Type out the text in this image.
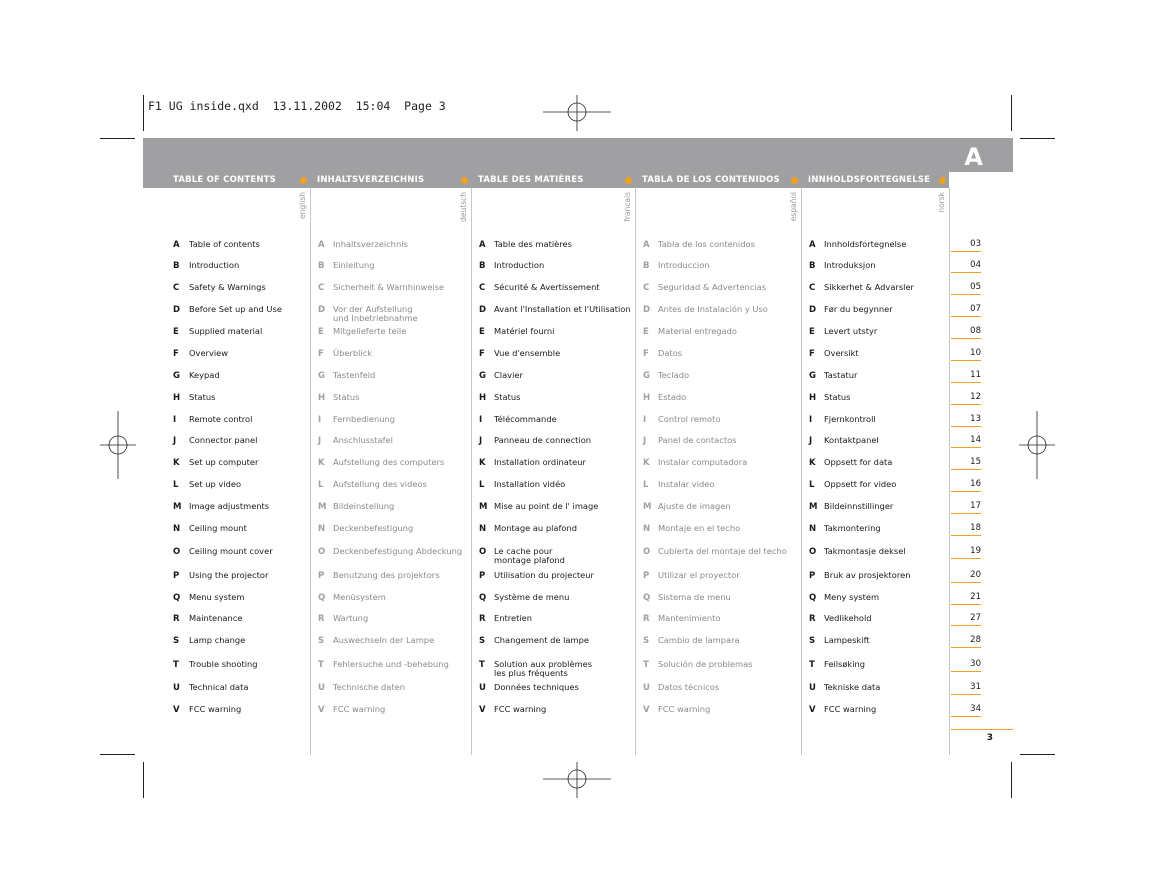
F1 UG inside.qxd  13.11.2002  15:04  Page 3
A
TABLE OF CONTENTS
english
A Table of contents
B Introduction
C Safety & Warnings
D Before Set up and Use
E Supplied material
F Overview
G Keypad
H Status
I Remote control
J Connector panel
K Set up computer
L Set up video
M Image adjustments
N Ceiling mount
O Ceiling mount cover
P Using the projector
Q Menu system
R Maintenance
S Lamp change
T Trouble shooting
U Technical data
V FCC warning
INHALTSVERZEICHNIS
deutsch
A Inhaltsverzeichnis
B Einleitung
C Sicherheit & Warnhinweise
D Vor der Aufstellung
und Inbetriebnahme
E Mitgelieferte teile
F Überblick
G Tastenfeld
H Status
I Fernbedienung
J Anschlusstafel
K Aufstellung des computers
L Aufstellung des videos
M Bildeinstellung
N Deckenbefestigung
O Deckenbefestigung Abdeckung
P Benutzung des projektors
Q Menüsystem
R Wartung
S Auswechseln der Lampe
T Fehlersuche und -behebung
U Technische daten
V FCC warning
TABLE DES MATIÈRES
francais
A Table des matières
B Introduction
C Sécurité & Avertissement
D Avant l'Installation et l'Utilisation
E Matériel fourni
F Vue d'ensemble
G Clavier
H Status
I Télécommande
J Panneau de connection
K Installation ordinateur
L Installation vidéo
M Mise au point de l' image
N Montage au plafond
O Le cache pour
montage plafond
P Utilisation du projecteur
Q Système de menu
R Entretien
S Changement de lampe
T Solution aux problèmes
les plus fréquents
U Données techniques
V FCC warning
TABLA DE LOS CONTENIDOS
español
A Tabla de los contenidos
B Introduccion
C Seguridad & Advertencias
D Antes de Instalación y Uso
E Material entregado
F Datos
G Teclado
H Estado
I Control remoto
J Panel de contactos
K Instalar computadora
L Instalar video
M Ajuste de imagen
N Montaje en el techo
O Cubierta del montaje del techo
P Utilizar el proyector
Q Sistema de menu
R Mantenimiento
S Cambio de lampara
T Solución de problemas
U Datos técnicos
V FCC warning
INNHOLDSFORTEGNELSE
norsk
A Innholdsfortegnelse
B Introduksjon
C Sikkerhet & Advarsler
D Før du begynner
E Levert utstyr
F Oversikt
G Tastatur
H Status
I Fjernkontroll
J Kontaktpanel
K Oppsett for data
L Oppsett for video
M Bildeinnstillinger
N Takmontering
O Takmontasje deksel
P Bruk av prosjektoren
Q Meny system
R Vedlikehold
S Lampeskift
T Feilsøking
U Tekniske data
V FCC warning
03
04
05
07
08
10
11
12
13
14
15
16
17
18
19
20
21
27
28
30
31
34
3
